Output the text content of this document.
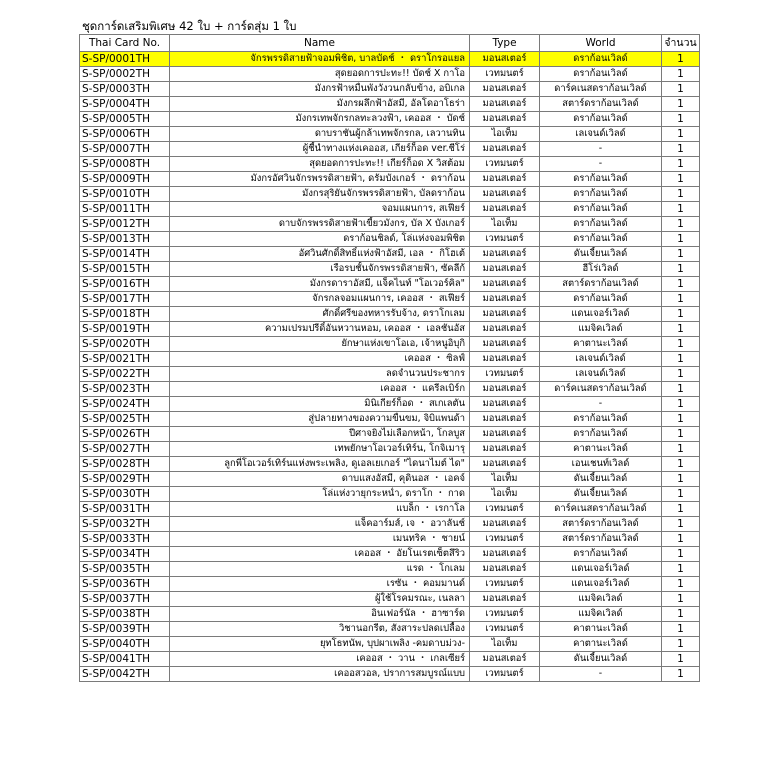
ชุดการ์ดเสริมพิเศษ 42 ใบ + การ์ดสุ่ม 1 ใบ
Thai Card No.	Name	Type	World	จำนวน
S-SP/0001TH	จักรพรรดิสายฟ้าจอมพิชิต, บาลบัดช์ ・ ดราโกรอแยล	มอนสเตอร์	ดราก้อนเวิลด์	1
S-SP/0002TH	สุดยอดการปะทะ!! บัดช์ X กาโอ	เวทมนตร์	ดราก้อนเวิลด์	1
S-SP/0003TH	มังกรฟ้าหมื่นพังวังวนกลับข้าง, อบิเกล	มอนสเตอร์	ดาร์คเนสดราก้อนเวิลด์	1
S-SP/0004TH	มังกรผลึกฟ้าอัสมี, อัลโดอาโธร่า	มอนสเตอร์	สตาร์ดราก้อนเวิลด์	1
S-SP/0005TH	มังกรเทพจักรกลทะลวงฟ้า, เคออส ・ บัดช์	มอนสเตอร์	ดราก้อนเวิลด์	1
S-SP/0006TH	ดาบราชันผู้กล้าเทพจักรกล, เลวานทิน	ไอเท็ม	เลเจนด์เวิลด์	1
S-SP/0007TH	ผู้ชี้นำทางแห่งเคออส, เกียร์ก็อด ver.ชีโร่	มอนสเตอร์	-	1
S-SP/0008TH	สุดยอดการปะทะ!! เกียร์ก็อด X วิสต้อม	เวทมนตร์	-	1
S-SP/0009TH	มังกรอัศวินจักรพรรดิสายฟ้า, ดรัมบังเกอร์ ・ ดราก้อน	มอนสเตอร์	ดราก้อนเวิลด์	1
S-SP/0010TH	มังกรสุริยันจักรพรรดิสายฟ้า, บัลดราก้อน	มอนสเตอร์	ดราก้อนเวิลด์	1
S-SP/0011TH	จอมแผนการ, สเฟียร์	มอนสเตอร์	ดราก้อนเวิลด์	1
S-SP/0012TH	ดาบจักรพรรดิสายฟ้าเขี้ยวมังกร, บัล X บังเกอร์	ไอเท็ม	ดราก้อนเวิลด์	1
S-SP/0013TH	ดราก้อนชิลด์, โล่แห่งจอมพิชิต	เวทมนตร์	ดราก้อนเวิลด์	1
S-SP/0014TH	อัศวินศักดิ์สิทธิ์แห่งฟ้าอัสมี, เอล ・ กิโฮเต้	มอนสเตอร์	ดันเจี้ยนเวิลด์	1
S-SP/0015TH	เรือรบชั้นจักรพรรดิสายฟ้า, ซัคลีก้	มอนสเตอร์	ฮีโร่เวิลด์	1
S-SP/0016TH	มังกรดาราอัสมี, แจ็คไนท์ "โอเวอร์คิล"	มอนสเตอร์	สตาร์ดราก้อนเวิลด์	1
S-SP/0017TH	จักรกลจอมแผนการ, เคออส ・ สเฟียร์	มอนสเตอร์	ดราก้อนเวิลด์	1
S-SP/0018TH	ศักดิ์ศรีของทหารรับจ้าง, ดราโกเลม	มอนสเตอร์	แดนเจอร์เวิลด์	1
S-SP/0019TH	ความเปรมปรีดิ์อันหวานหอม, เคออส ・ เอลชันอัส	มอนสเตอร์	แมจิคเวิลด์	1
S-SP/0020TH	ยักษาแห่งเขาโอเอ, เจ้าหนูอิบุกิ	มอนสเตอร์	คาตานะเวิลด์	1
S-SP/0021TH	เคออส ・ ซิลฟ์	มอนสเตอร์	เลเจนด์เวิลด์	1
S-SP/0022TH	ลดจำนวนประชากร	เวทมนตร์	เลเจนด์เวิลด์	1
S-SP/0023TH	เคออส ・ แครีลเบิร์ก	มอนสเตอร์	ดาร์คเนสดราก้อนเวิลด์	1
S-SP/0024TH	มินิเกียร์ก็อด ・ สเกเลตัน	มอนสเตอร์	-	1
S-SP/0025TH	สู่ปลายทางของความขื่นขม, จิบิแพนด้า	มอนสเตอร์	ดราก้อนเวิลด์	1
S-SP/0026TH	ปีศาจยิงไม่เลือกหน้า, โกลบูส	มอนสเตอร์	ดราก้อนเวิลด์	1
S-SP/0027TH	เทพยักษาโอเวอร์เทิร์น, โกจิเมารุ	มอนสเตอร์	คาตานะเวิลด์	1
S-SP/0028TH	ลูกพี่โอเวอร์เทิร์นแห่งพระเพลิง, ดูเอลเยเกอร์ "ไดนาไมต์ ได"	มอนสเตอร์	เอนเชนท์เวิลด์	1
S-SP/0029TH	ดาบแสงอัสมี, คุดินอส ・ เอคจ์	ไอเท็ม	ดันเจี้ยนเวิลด์	1
S-SP/0030TH	โล่แห่งวายุกระหน่ำ, ดราโก ・ กาด	ไอเท็ม	ดันเจี้ยนเวิลด์	1
S-SP/0031TH	แบล็ก ・ เรกาโล	เวทมนตร์	ดาร์คเนสดราก้อนเวิลด์	1
S-SP/0032TH	แจ็คอาร์มส์, เจ ・ อวาลันช์	มอนสเตอร์	สตาร์ดราก้อนเวิลด์	1
S-SP/0033TH	เมนทริค ・ ชายน์	เวทมนตร์	สตาร์ดราก้อนเวิลด์	1
S-SP/0034TH	เคออส ・ อัยโนเรตเซ็ตสึริว	มอนสเตอร์	ดราก้อนเวิลด์	1
S-SP/0035TH	แรด ・ โกเลม	มอนสเตอร์	แดนเจอร์เวิลด์	1
S-SP/0036TH	เรซัน ・ คอมมานด์	เวทมนตร์	แดนเจอร์เวิลด์	1
S-SP/0037TH	ผู้ใช้โรคมรณะ, เนลลา	มอนสเตอร์	แมจิคเวิลด์	1
S-SP/0038TH	อินเฟอร์นัล ・ ฮาซาร์ด	เวทมนตร์	แมจิคเวิลด์	1
S-SP/0039TH	วิชานอกรีต, สังสาระปลดเปลื้อง	เวทมนตร์	คาตานะเวิลด์	1
S-SP/0040TH	ยุทโธทนัพ, บุปผาเพลิง -คมดาบม่วง-	ไอเท็ม	คาตานะเวิลด์	1
S-SP/0041TH	เคออส ・ วาน ・ เกลเซียร์	มอนสเตอร์	ดันเจี้ยนเวิลด์	1
S-SP/0042TH	เคออสวอล, ปราการสมบูรณ์แบบ	เวทมนตร์	-	1
